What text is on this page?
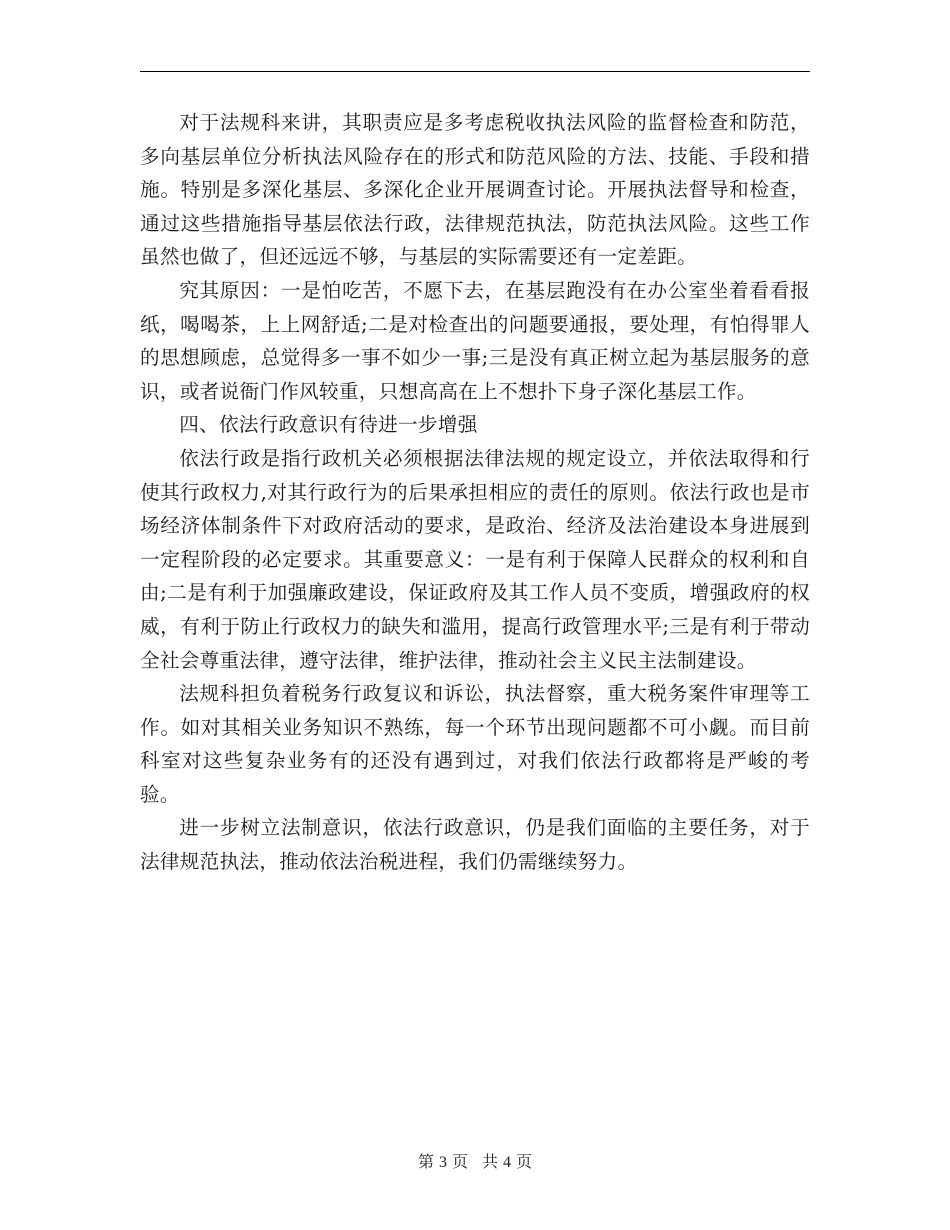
对于法规科来讲，其职责应是多考虑税收执法风险的监督检查和防范，多向基层单位分析执法风险存在的形式和防范风险的方法、技能、手段和措施。特别是多深化基层、多深化企业开展调查讨论。开展执法督导和检查，通过这些措施指导基层依法行政，法律规范执法，防范执法风险。这些工作虽然也做了，但还远远不够，与基层的实际需要还有一定差距。

究其原因：一是怕吃苦，不愿下去，在基层跑没有在办公室坐着看看报纸，喝喝茶，上上网舒适;二是对检查出的问题要通报，要处理，有怕得罪人的思想顾虑，总觉得多一事不如少一事;三是没有真正树立起为基层服务的意识，或者说衙门作风较重，只想高高在上不想扑下身子深化基层工作。

四、依法行政意识有待进一步增强

依法行政是指行政机关必须根据法律法规的规定设立，并依法取得和行使其行政权力,对其行政行为的后果承担相应的责任的原则。依法行政也是市场经济体制条件下对政府活动的要求，是政治、经济及法治建设本身进展到一定程阶段的必定要求。其重要意义：一是有利于保障人民群众的权利和自由;二是有利于加强廉政建设，保证政府及其工作人员不变质，增强政府的权威，有利于防止行政权力的缺失和滥用，提高行政管理水平;三是有利于带动全社会尊重法律，遵守法律，维护法律，推动社会主义民主法制建设。

法规科担负着税务行政复议和诉讼，执法督察，重大税务案件审理等工作。如对其相关业务知识不熟练，每一个环节出现问题都不可小觑。而目前科室对这些复杂业务有的还没有遇到过，对我们依法行政都将是严峻的考验。

进一步树立法制意识，依法行政意识，仍是我们面临的主要任务，对于法律规范执法，推动依法治税进程，我们仍需继续努力。

第 3 页 共 4 页
